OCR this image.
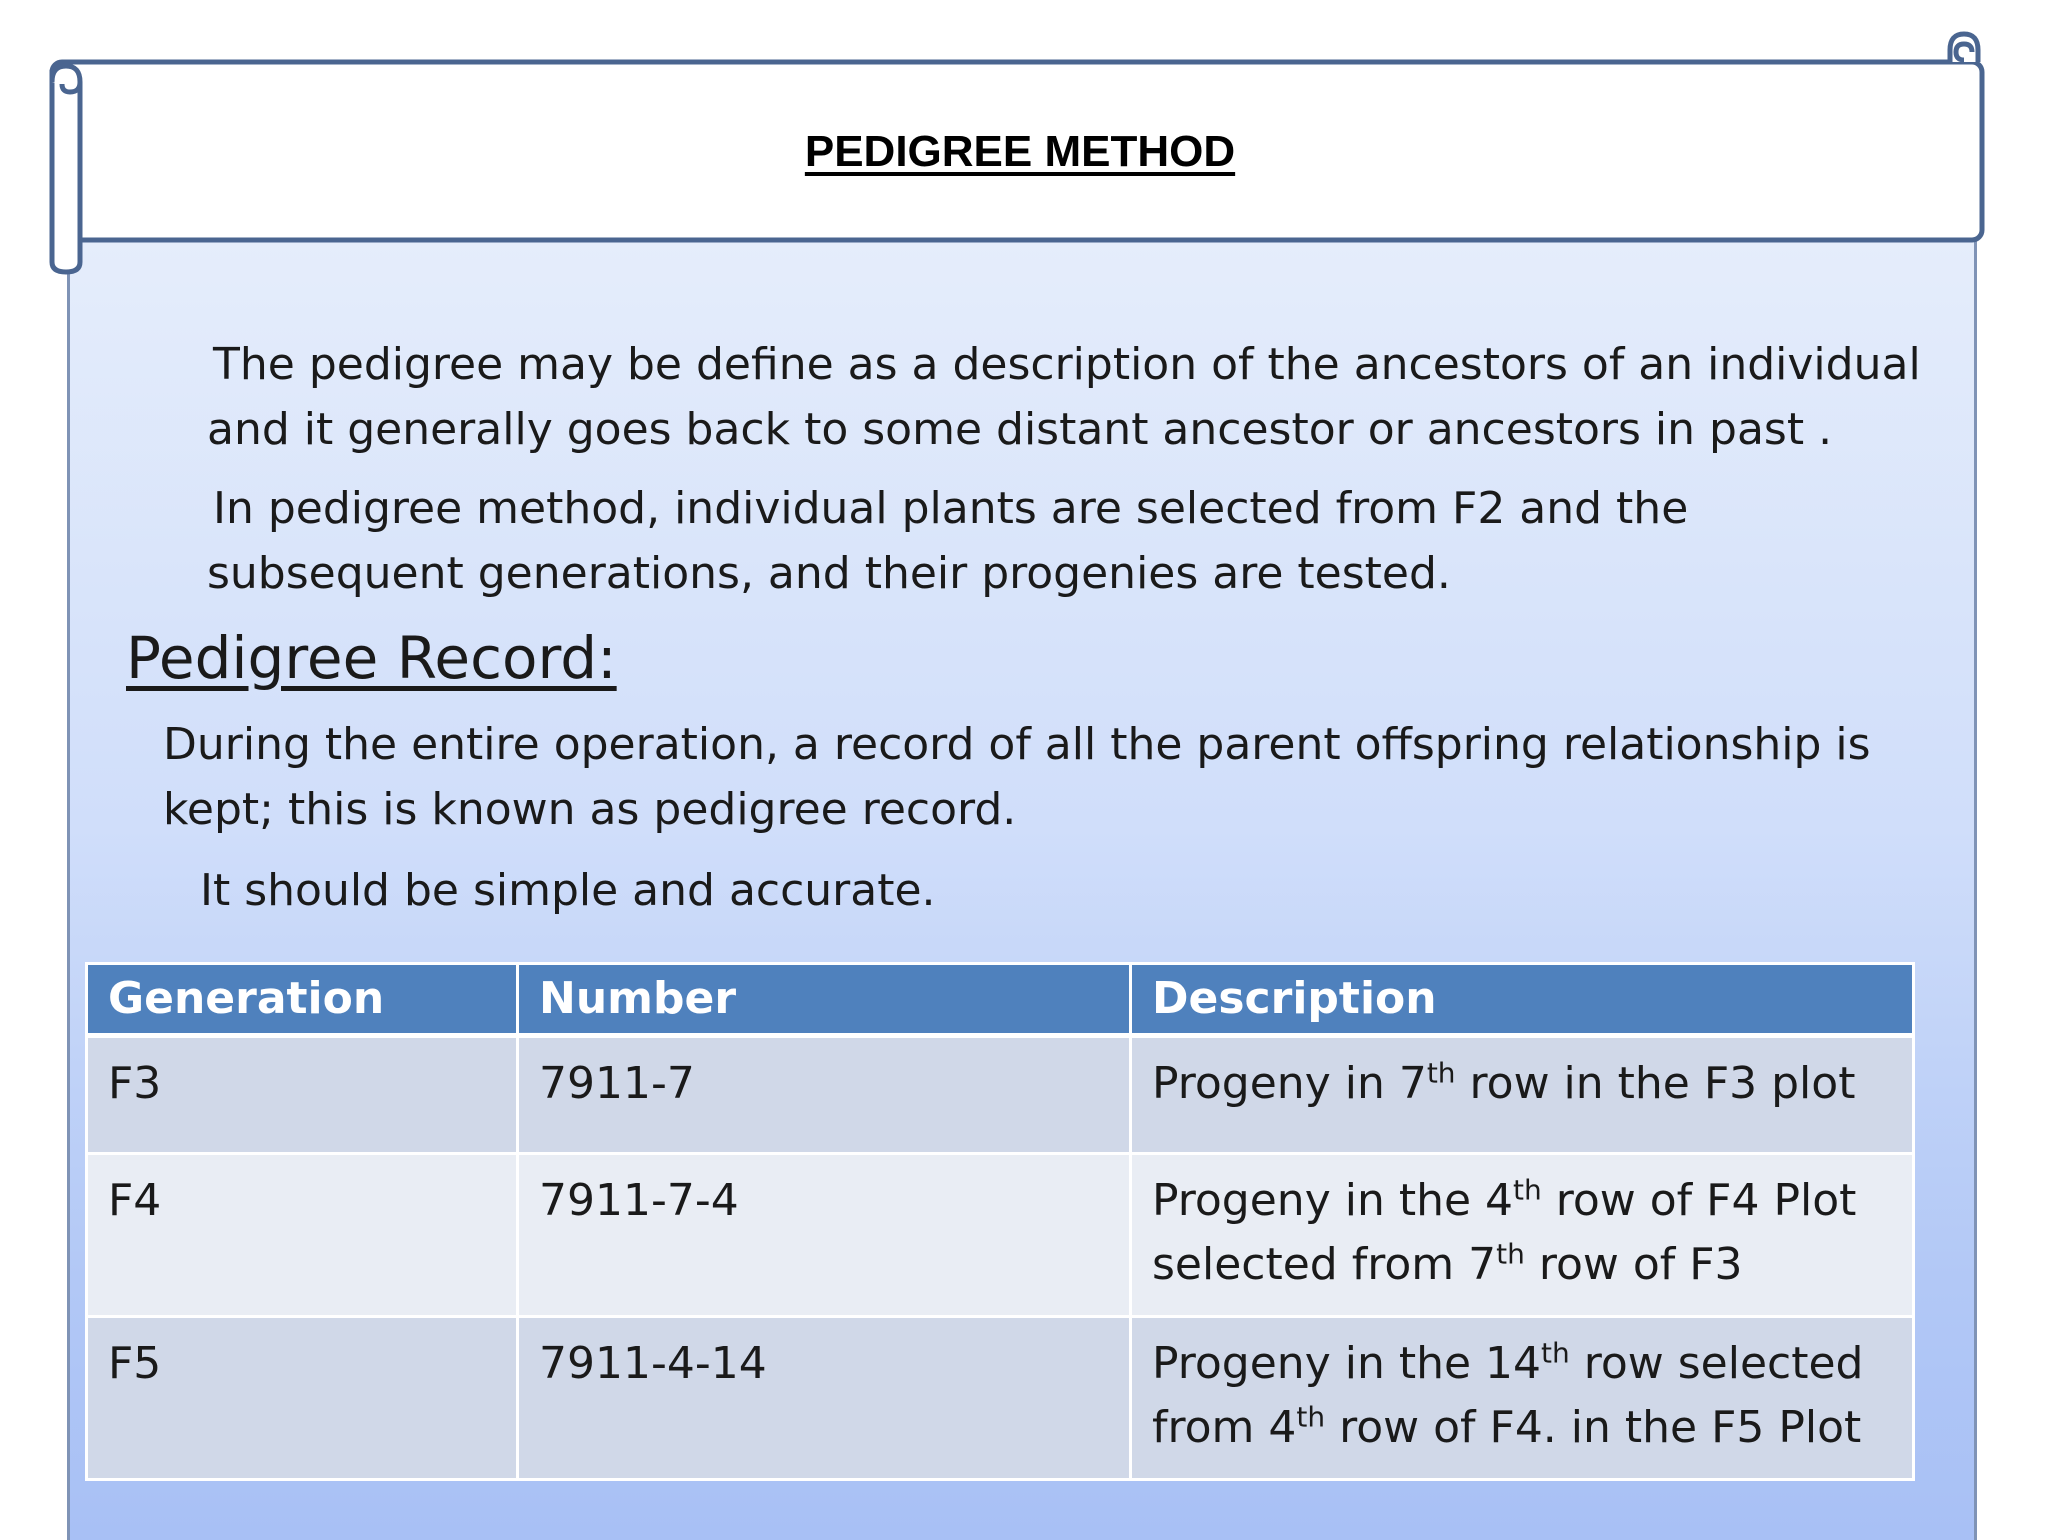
PEDIGREE METHOD

The pedigree may be define as a description of the ancestors of an individual and it generally goes back to some distant ancestor or ancestors in past .

In pedigree method, individual plants are selected from F2 and the subsequent generations, and their progenies are tested.

Pedigree Record:

During the entire operation, a record of all the parent offspring relationship is kept; this is known as pedigree record.

It should be simple and accurate.

Generation	Number	Description
F3	7911-7	Progeny in 7th row in the F3 plot
F4	7911-7-4	Progeny in the 4th row of F4 Plot selected from 7th row of F3
F5	7911-4-14	Progeny in the 14th row selected from 4th row of F4. in the F5 Plot
